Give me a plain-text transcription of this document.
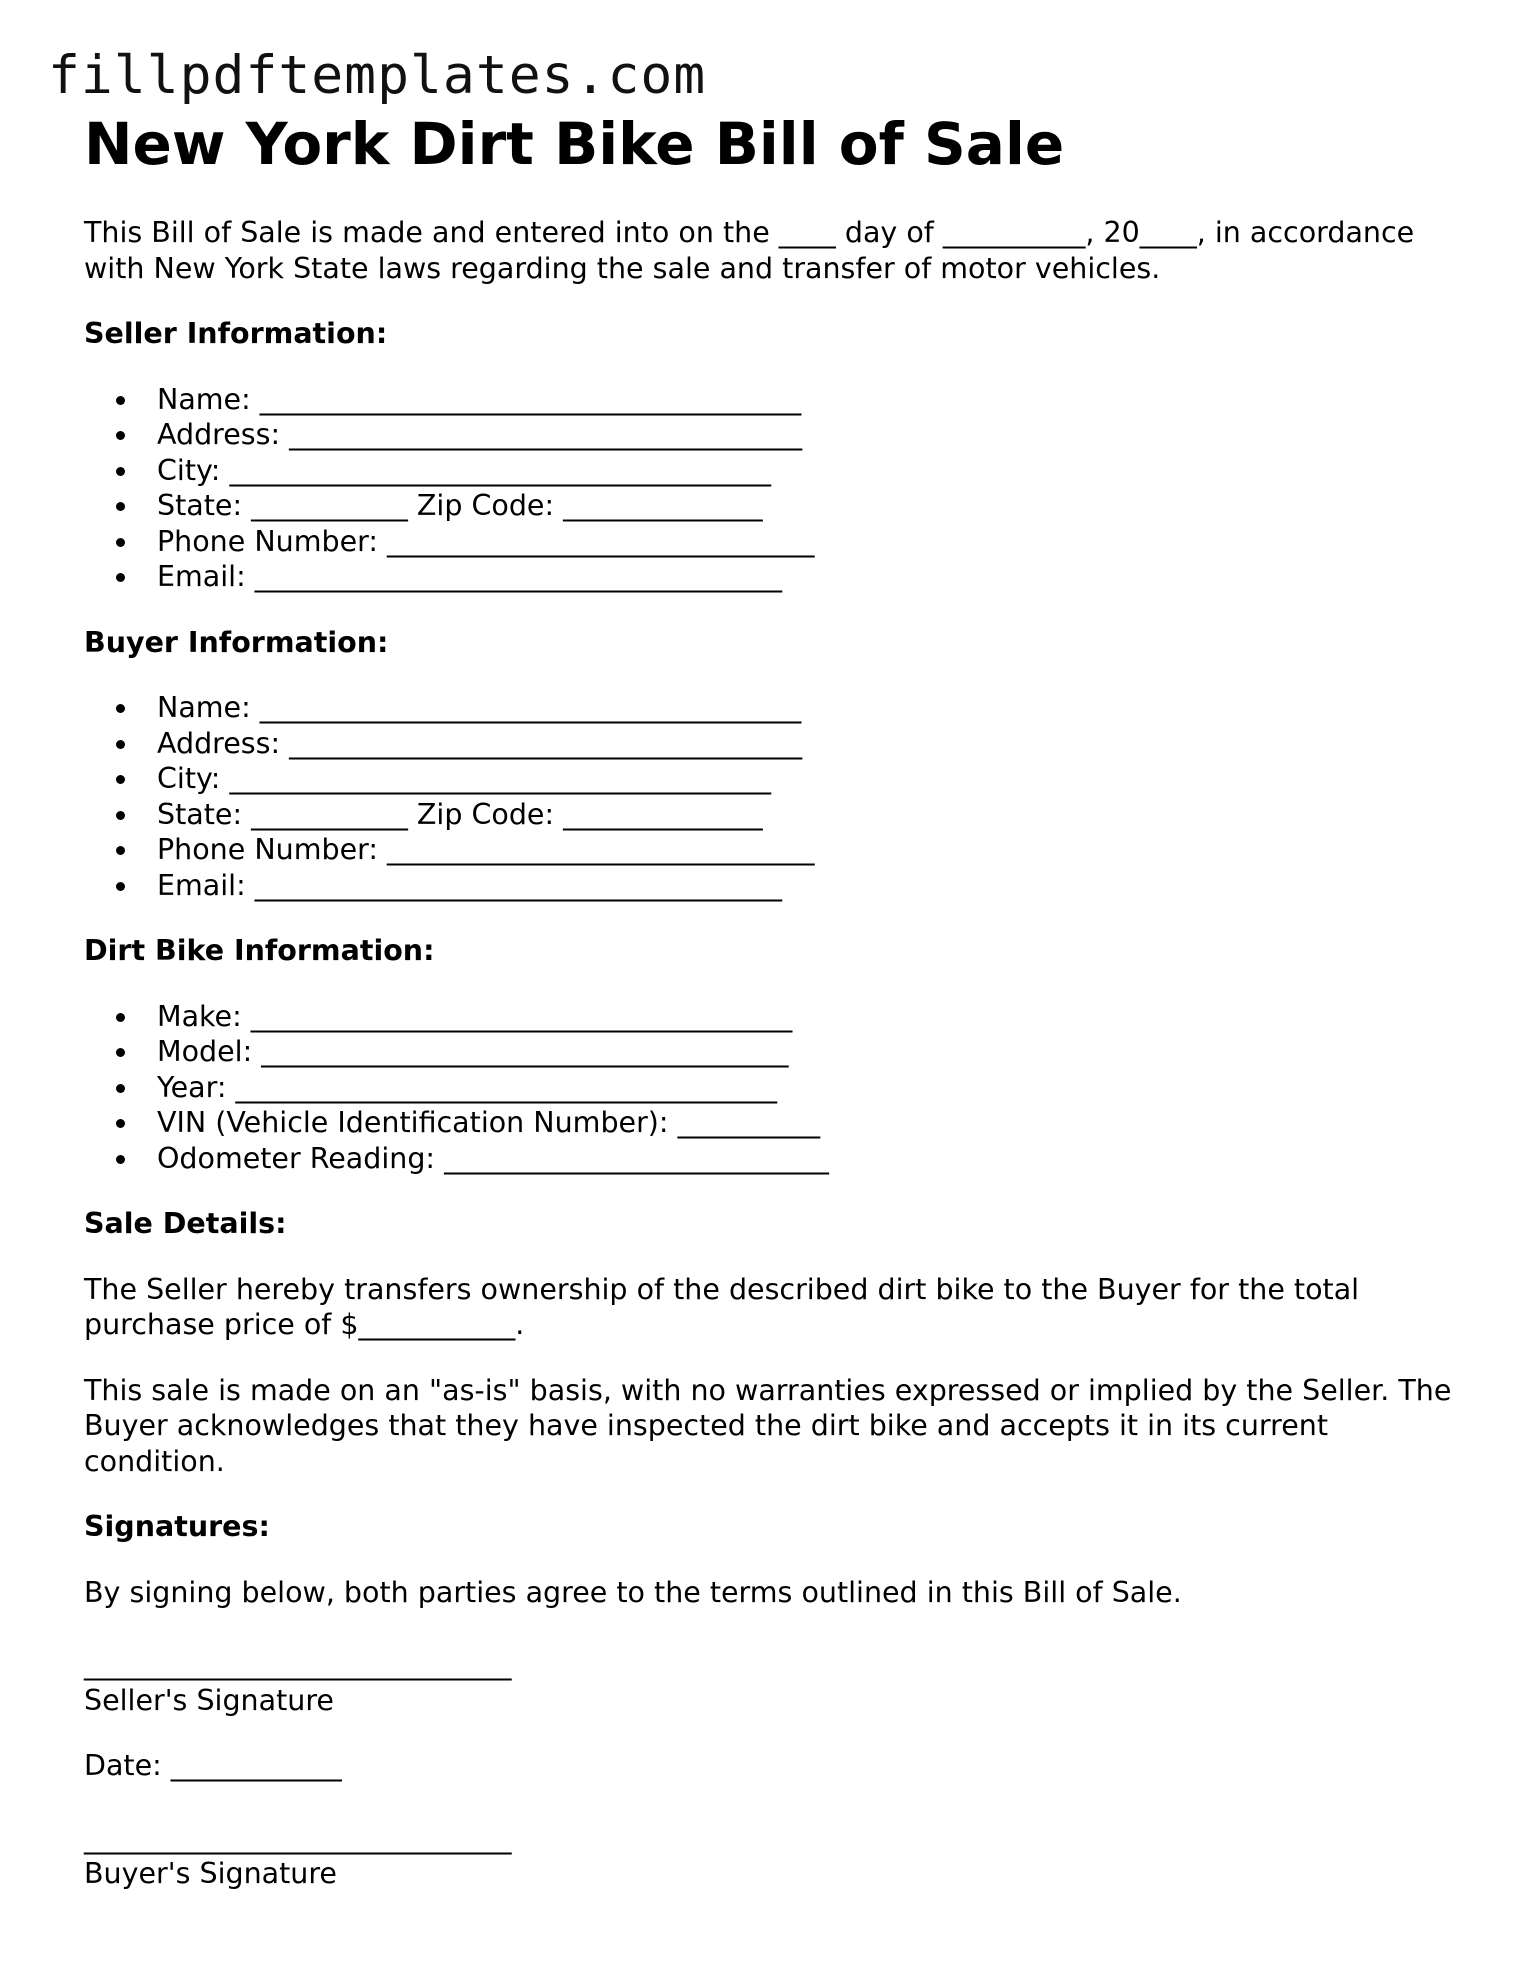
fillpdftemplates.com
New York Dirt Bike Bill of Sale

This Bill of Sale is made and entered into on the ____ day of __________, 20____, in accordance with New York State laws regarding the sale and transfer of motor vehicles.

Seller Information:
Name: ______________________________________
Address: ____________________________________
City: ______________________________________
State: ___________ Zip Code: ______________
Phone Number: ______________________________
Email: _____________________________________
Buyer Information:
Name: ______________________________________
Address: ____________________________________
City: ______________________________________
State: ___________ Zip Code: ______________
Phone Number: ______________________________
Email: _____________________________________
Dirt Bike Information:
Make: ______________________________________
Model: _____________________________________
Year: ______________________________________
VIN (Vehicle Identification Number): __________
Odometer Reading: ___________________________
Sale Details:

The Seller hereby transfers ownership of the described dirt bike to the Buyer for the total purchase price of $___________.

This sale is made on an "as-is" basis, with no warranties expressed or implied by the Seller. The Buyer acknowledges that they have inspected the dirt bike and accepts it in its current condition.

Signatures:

By signing below, both parties agree to the terms outlined in this Bill of Sale.

______________________________

Seller's Signature

Date: ____________

______________________________

Buyer's Signature
